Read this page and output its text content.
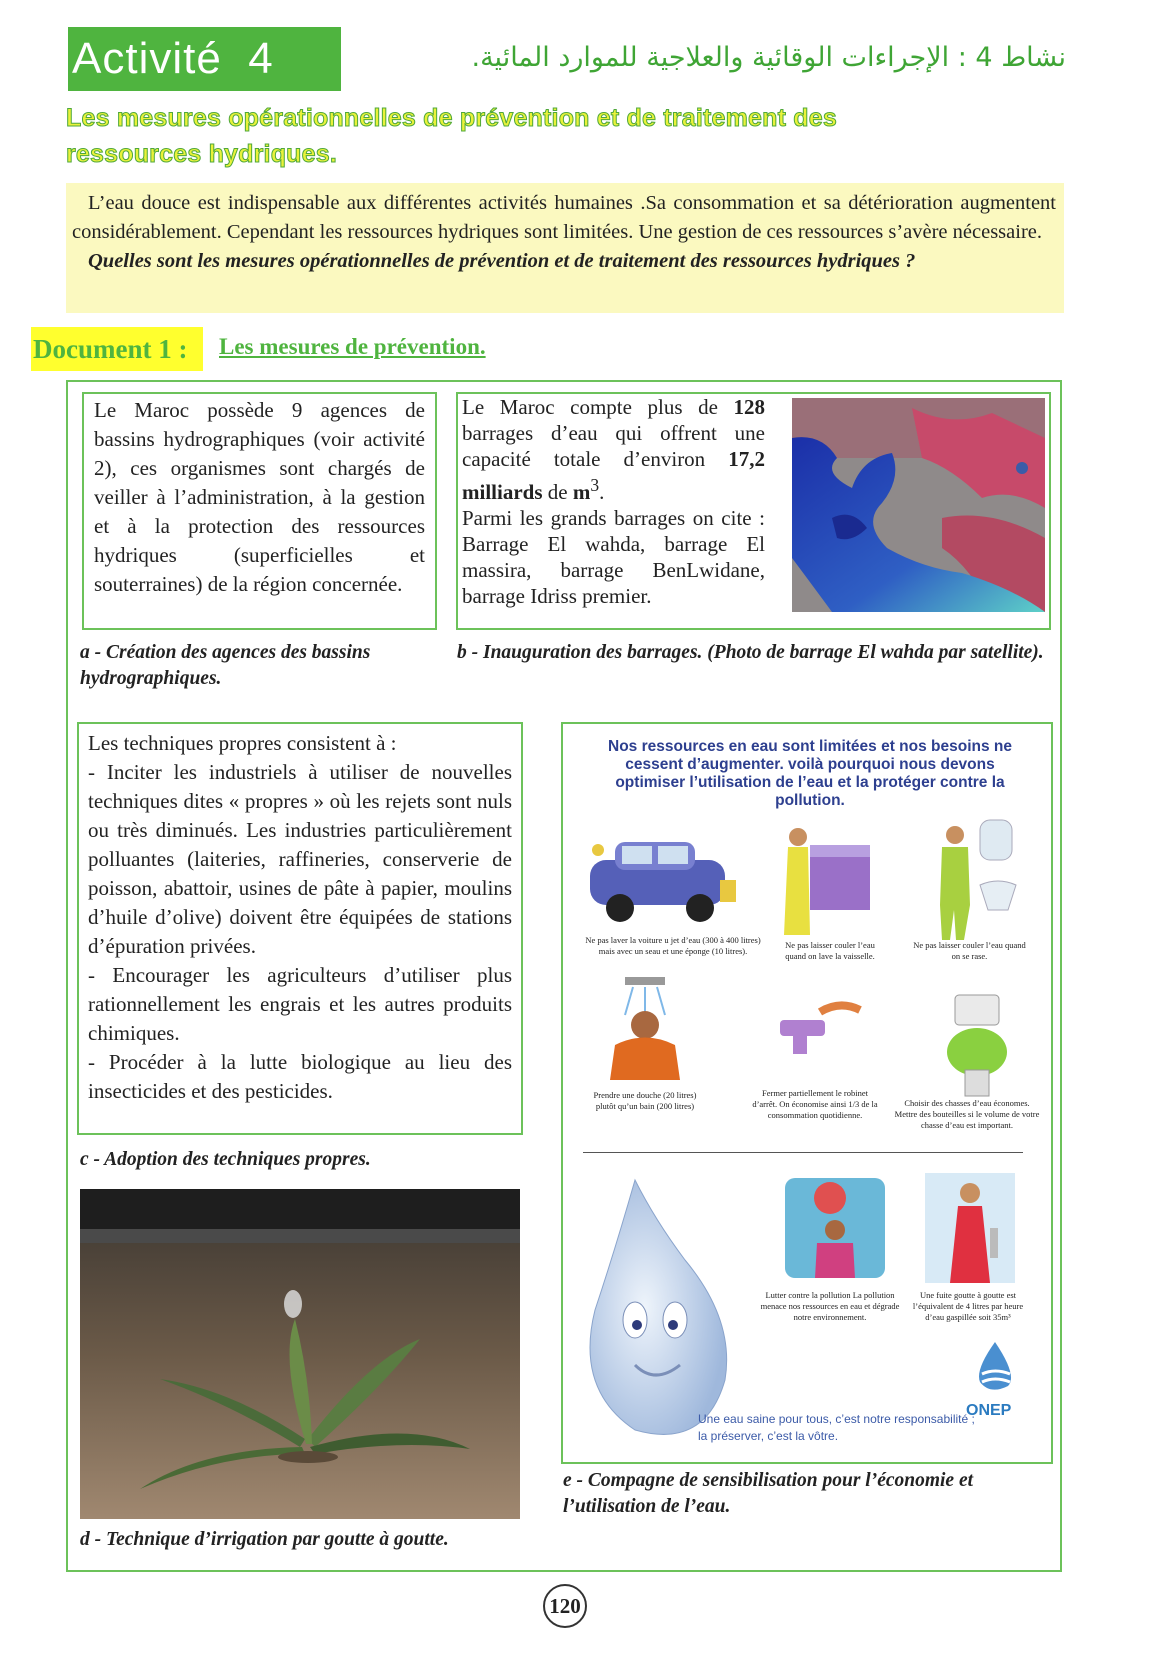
Activité  4	نشاط 4 : الإجراءات الوقائية والعلاجية للموارد المائية.
Les mesures opérationnelles de prévention et de traitement des
ressources hydriques.

L’eau douce est indispensable aux différentes activités humaines .Sa consommation et sa détérioration augmentent considérablement. Cependant les ressources hydriques sont limitées. Une gestion de ces ressources s’avère nécessaire.

Quelles sont les mesures opérationnelles de prévention et de traitement des ressources hydriques ?

Document 1 :	Les mesures de prévention.
Le Maroc possède 9 agences de bassins hydrographiques (voir activité 2), ces organismes sont chargés de veiller à l’administration, à la gestion et à la protection des ressources hydriques (superficielles et souterraines) de la région concernée.
a - Création des agences des bassins hydrographiques.
Le Maroc compte plus de 128 barrages d’eau qui offrent une capacité totale d’environ 17,2 milliards de $m^3$.
Parmi les grands barrages on cite : Barrage El wahda, barrage El massira, barrage BenLwidane, barrage Idriss premier.
b - Inauguration des barrages. (Photo de barrage El wahda par satellite).
Les techniques propres consistent à :
- Inciter les industriels à utiliser de nouvelles techniques dites « propres » où les rejets sont nuls ou très diminués. Les industries particulièrement polluantes (laiteries, raffineries, conserverie de poisson, abattoir, usines de pâte à papier, moulins d’huile d’olive) doivent être équipées de stations d’épuration privées.
- Encourager les agriculteurs d’utiliser plus rationnellement les engrais et les autres produits chimiques.
- Procéder à la lutte biologique au lieu des insecticides et des pesticides.
c - Adoption des techniques propres.
d - Technique d’irrigation par goutte à goutte.
Nos ressources en eau sont limitées et nos besoins ne cessent d’augmenter. voilà pourquoi nous devons optimiser l’utilisation de l’eau et la protéger contre la pollution.
Ne pas laver la voiture u jet d’eau (300 à 400 litres) mais avec un seau et une éponge (10 litres).
Ne pas laisser couler l’eau quand on lave la vaisselle.
Ne pas laisser couler l’eau quand on se rase.
Prendre une douche (20 litres) plutôt qu’un bain (200 litres)
Fermer partiellement le robinet d’arrêt. On économise ainsi 1/3 de la consommation quotidienne.
Choisir des chasses d’eau économes. Mettre des bouteilles si le volume de votre chasse d’eau est important.
Lutter contre la pollution La pollution menace nos ressources en eau et dégrade notre environnement.
Une fuite goutte à goutte est l’équivalent de 4 litres par heure d’eau gaspillée soit 35m³
ONEP
Une eau saine pour tous, c’est notre responsabilité ;
la préserver, c’est la vôtre.
e - Compagne de sensibilisation pour l’économie et l’utilisation de l’eau.
120
